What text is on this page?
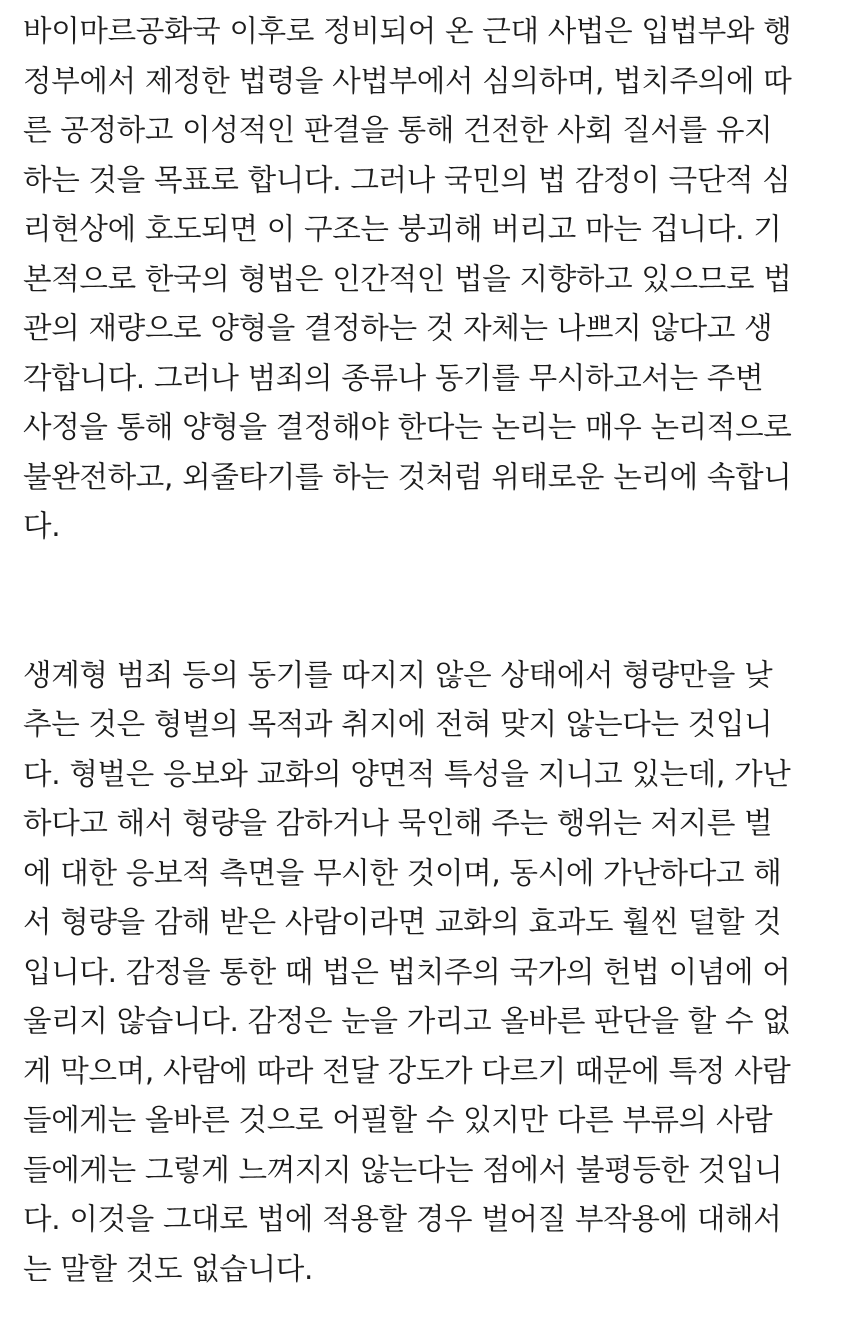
바이마르공화국 이후로 정비되어 온 근대 사법은 입법부와 행
정부에서 제정한 법령을 사법부에서 심의하며, 법치주의에 따
른 공정하고 이성적인 판결을 통해 건전한 사회 질서를 유지
하는 것을 목표로 합니다. 그러나 국민의 법 감정이 극단적 심
리현상에 호도되면 이 구조는 붕괴해 버리고 마는 겁니다. 기
본적으로 한국의 형법은 인간적인 법을 지향하고 있으므로 법
관의 재량으로 양형을 결정하는 것 자체는 나쁘지 않다고 생
각합니다. 그러나 범죄의 종류나 동기를 무시하고서는 주변
사정을 통해 양형을 결정해야 한다는 논리는 매우 논리적으로
불완전하고, 외줄타기를 하는 것처럼 위태로운 논리에 속합니
다.

생계형 범죄 등의 동기를 따지지 않은 상태에서 형량만을 낮
추는 것은 형벌의 목적과 취지에 전혀 맞지 않는다는 것입니
다. 형벌은 응보와 교화의 양면적 특성을 지니고 있는데, 가난
하다고 해서 형량을 감하거나 묵인해 주는 행위는 저지른 벌
에 대한 응보적 측면을 무시한 것이며, 동시에 가난하다고 해
서 형량을 감해 받은 사람이라면 교화의 효과도 훨씬 덜할 것
입니다. 감정을 통한 때 법은 법치주의 국가의 헌법 이념에 어
울리지 않습니다. 감정은 눈을 가리고 올바른 판단을 할 수 없
게 막으며, 사람에 따라 전달 강도가 다르기 때문에 특정 사람
들에게는 올바른 것으로 어필할 수 있지만 다른 부류의 사람
들에게는 그렇게 느껴지지 않는다는 점에서 불평등한 것입니
다. 이것을 그대로 법에 적용할 경우 벌어질 부작용에 대해서
는 말할 것도 없습니다.
